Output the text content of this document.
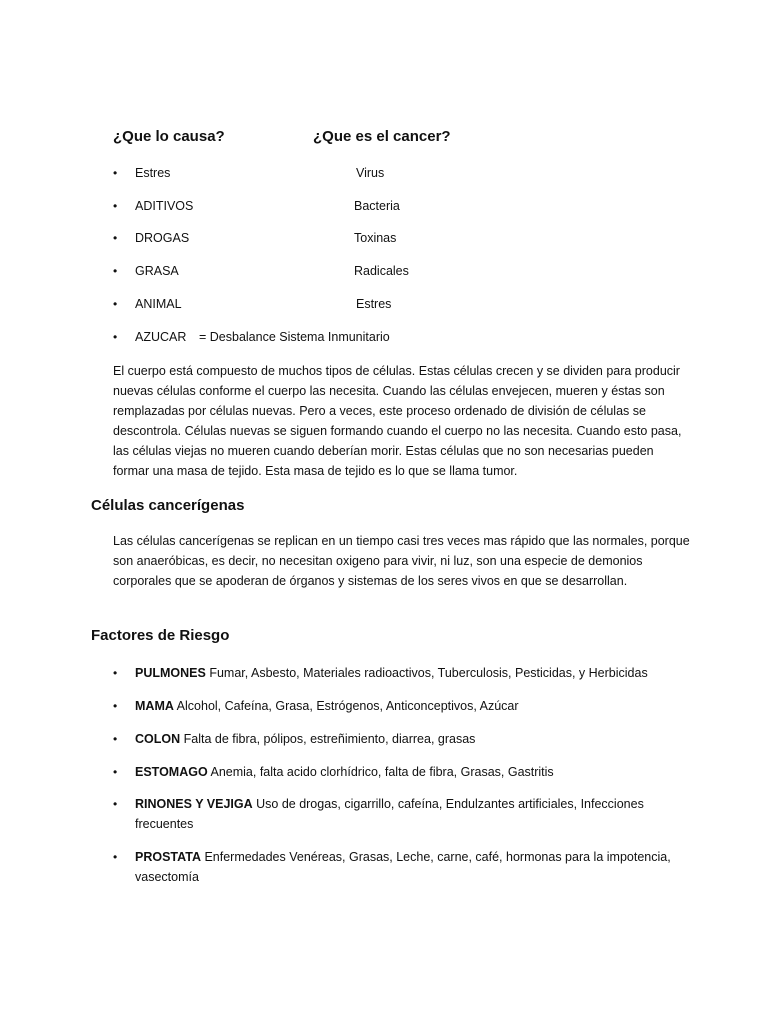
¿Que lo causa?	¿Que es el cancer?
• Estres
• ADITIVOS
• DROGAS
• GRASA
• ANIMAL
• AZUCAR = Desbalance Sistema Inmunitario
Virus
Bacteria
Toxinas
Radicales
Estres

El cuerpo está compuesto de muchos tipos de células. Estas células crecen y se dividen para producir nuevas células conforme el cuerpo las necesita. Cuando las células envejecen, mueren y éstas son remplazadas por células nuevas. Pero a veces, este proceso ordenado de división de células se descontrola. Células nuevas se siguen formando cuando el cuerpo no las necesita. Cuando esto pasa, las células viejas no mueren cuando deberían morir. Estas células que no son necesarias pueden formar una masa de tejido. Esta masa de tejido es lo que se llama tumor.

Células cancerígenas

Las células cancerígenas se replican en un tiempo casi tres veces mas rápido que las normales, porque son anaeróbicas, es decir, no necesitan oxigeno para vivir, ni luz, son una especie de demonios corporales que se apoderan de órganos y sistemas de los seres vivos en que se desarrollan.

Factores de Riesgo
• PULMONES Fumar, Asbesto, Materiales radioactivos, Tuberculosis, Pesticidas, y Herbicidas
• MAMA Alcohol, Cafeína, Grasa, Estrógenos, Anticonceptivos, Azúcar
• COLON Falta de fibra, pólipos, estreñimiento, diarrea, grasas
• ESTOMAGO Anemia, falta acido clorhídrico, falta de fibra, Grasas, Gastritis
• RINONES Y VEJIGA Uso de drogas, cigarrillo, cafeína, Endulzantes artificiales, Infecciones frecuentes
• PROSTATA Enfermedades Venéreas, Grasas, Leche, carne, café, hormonas para la impotencia, vasectomía
